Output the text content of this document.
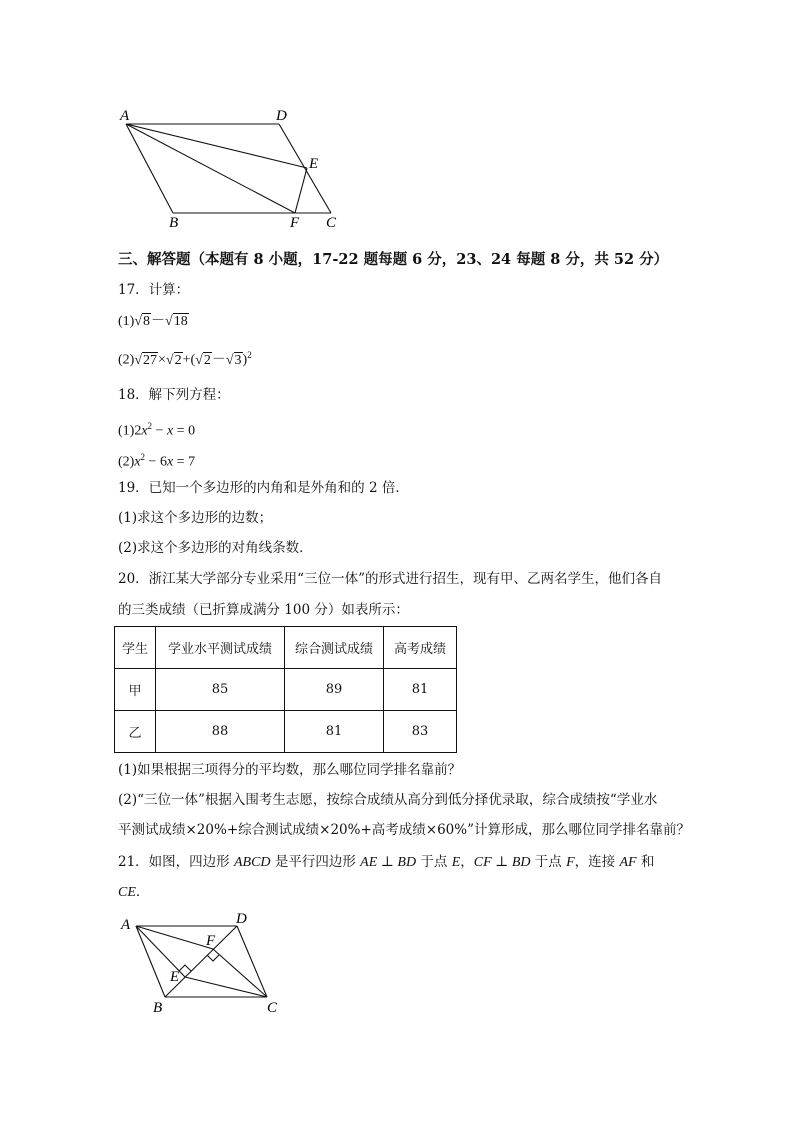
A	D
E
B	F C
三、解答题（本题有 8 小题，17-22 题每题 6 分，23、24 每题 8 分，共 52 分）
17．计算：
(1)√8－√18
$(2)√27\times√2+(√2-√3)^2$
18．解下列方程：
$(1)2x^2 - x = 0$
$(2)x^2 - 6x = 7$
19．已知一个多边形的内角和是外角和的 2 倍．
(1)求这个多边形的边数；
(2)求这个多边形的对角线条数．
20．浙江某大学部分专业采用“三位一体”的形式进行招生，现有甲、乙两名学生，他们各自
的三类成绩（已折算成满分 100 分）如表所示：
学生	学业水平测试成绩	综合测试成绩	高考成绩
甲	85	89	81
乙	88	81	83
(1)如果根据三项得分的平均数，那么哪位同学排名靠前？
(2)“三位一体”根据入围考生志愿，按综合成绩从高分到低分择优录取，综合成绩按“学业水
平测试成绩×20%+综合测试成绩×20%+高考成绩×60%”计算形成，那么哪位同学排名靠前？
21．如图，四边形 ABCD 是平行四边形 AE ⊥ BD 于点 E，CF ⊥ BD 于点 F，连接 AF 和
CE．
A	D
F
E
B	C
